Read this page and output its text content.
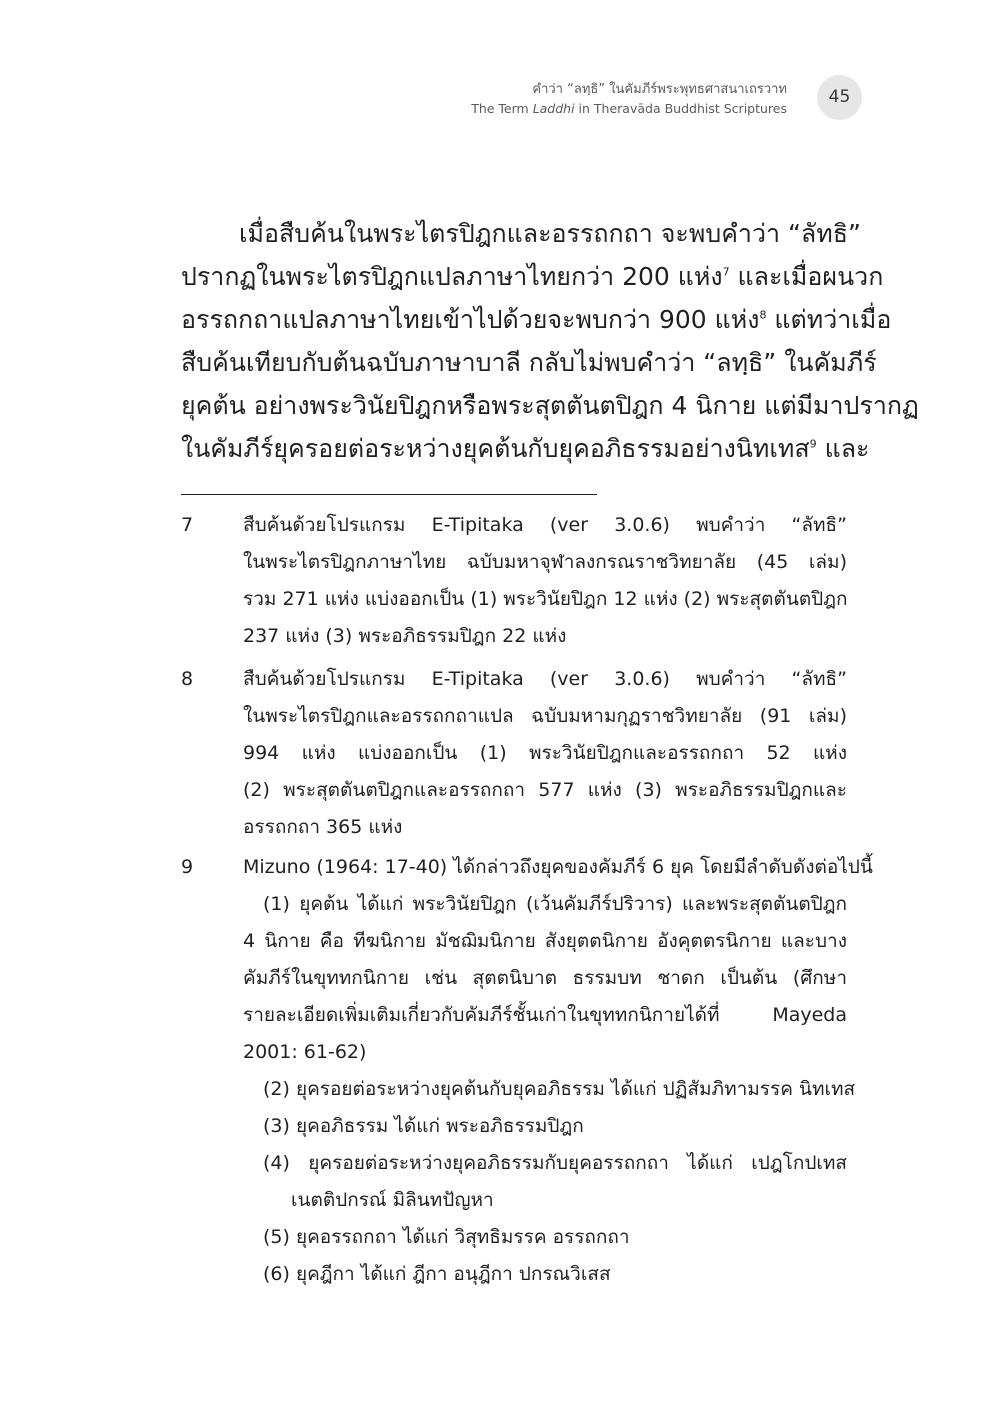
คำว่า “ลทฺธิ” ในคัมภีร์พระพุทธศาสนาเถรวาท
The Term Laddhi in Theravāda Buddhist Scriptures
45
เมื่อสืบค้นในพระไตรปิฎกและอรรถกถา จะพบคำว่า “ลัทธิ”
ปรากฏในพระไตรปิฎกแปลภาษาไทยกว่า 200 แห่ง$^7$ และเมื่อผนวก
อรรถกถาแปลภาษาไทยเข้าไปด้วยจะพบกว่า 900 แห่ง$^8$ แต่ทว่าเมื่อ
สืบค้นเทียบกับต้นฉบับภาษาบาลี กลับไม่พบคำว่า “ลทฺธิ” ในคัมภีร์
ยุคต้น อย่างพระวินัยปิฎกหรือพระสุตตันตปิฎก 4 นิกาย แต่มีมาปรากฏ
ในคัมภีร์ยุครอยต่อระหว่างยุคต้นกับยุคอภิธรรมอย่างนิทเทส$^9$ และ
7	สืบค้นด้วยโปรแกรม E-Tipitaka (ver 3.0.6) พบคำว่า “ลัทธิ”
ในพระไตรปิฎกภาษาไทย ฉบับมหาจุฬาลงกรณราชวิทยาลัย (45 เล่ม)
รวม 271 แห่ง แบ่งออกเป็น (1) พระวินัยปิฎก 12 แห่ง (2) พระสุตตันตปิฎก
237 แห่ง (3) พระอภิธรรมปิฎก 22 แห่ง
8	สืบค้นด้วยโปรแกรม E-Tipitaka (ver 3.0.6) พบคำว่า “ลัทธิ”
ในพระไตรปิฎกและอรรถกถาแปล ฉบับมหามกุฏราชวิทยาลัย (91 เล่ม)
994 แห่ง แบ่งออกเป็น (1) พระวินัยปิฎกและอรรถกถา 52 แห่ง
(2) พระสุตตันตปิฎกและอรรถกถา 577 แห่ง (3) พระอภิธรรมปิฎกและ
อรรถกถา 365 แห่ง
9	Mizuno (1964: 17-40) ได้กล่าวถึงยุคของคัมภีร์ 6 ยุค โดยมีลำดับดังต่อไปนี้
(1) ยุคต้น ได้แก่ พระวินัยปิฎก (เว้นคัมภีร์ปริวาร) และพระสุตตันตปิฎก
4 นิกาย คือ ทีฆนิกาย มัชฌิมนิกาย สังยุตตนิกาย อังคุตตรนิกาย และบาง
คัมภีร์ในขุททกนิกาย เช่น สุตตนิบาต ธรรมบท ชาดก เป็นต้น (ศึกษา
รายละเอียดเพิ่มเติมเกี่ยวกับคัมภีร์ชั้นเก่าในขุททกนิกายได้ที่ Mayeda
2001: 61-62)
(2) ยุครอยต่อระหว่างยุคต้นกับยุคอภิธรรม ได้แก่ ปฏิสัมภิทามรรค นิทเทส
(3) ยุคอภิธรรม ได้แก่ พระอภิธรรมปิฎก
(4) ยุครอยต่อระหว่างยุคอภิธรรมกับยุคอรรถกถา ได้แก่ เปฎโกปเทส
เนตติปกรณ์ มิลินทปัญหา
(5) ยุคอรรถกถา ได้แก่ วิสุทธิมรรค อรรถกถา
(6) ยุคฎีกา ได้แก่ ฎีกา อนุฎีกา ปกรณวิเสส
